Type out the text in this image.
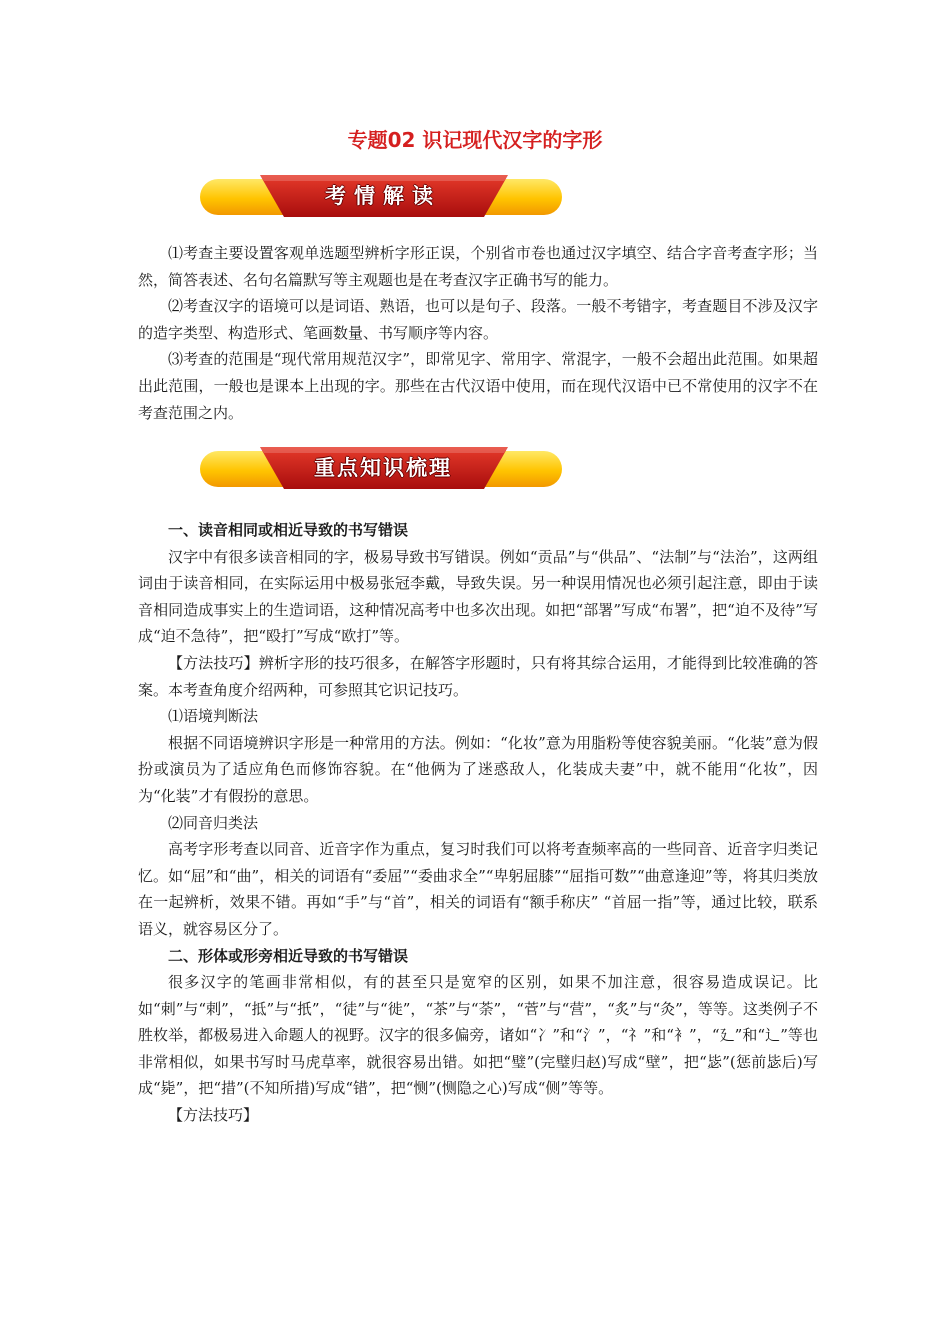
专题02 识记现代汉字的字形
考情解读

⑴考查主要设置客观单选题型辨析字形正误，个别省市卷也通过汉字填空、结合字音考查字形；当然，简答表述、名句名篇默写等主观题也是在考查汉字正确书写的能力。

⑵考查汉字的语境可以是词语、熟语，也可以是句子、段落。一般不考错字，考查题目不涉及汉字的造字类型、构造形式、笔画数量、书写顺序等内容。

⑶考查的范围是“现代常用规范汉字”，即常见字、常用字、常混字，一般不会超出此范围。如果超出此范围，一般也是课本上出现的字。那些在古代汉语中使用，而在现代汉语中已不常使用的汉字不在考查范围之内。

重点知识梳理

一、读音相同或相近导致的书写错误

汉字中有很多读音相同的字，极易导致书写错误。例如“贡品”与“供品”、“法制”与“法治”，这两组词由于读音相同，在实际运用中极易张冠李戴，导致失误。另一种误用情况也必须引起注意，即由于读音相同造成事实上的生造词语，这种情况高考中也多次出现。如把“部署”写成“布署”，把“迫不及待”写成“迫不急待”，把“殴打”写成“欧打”等。

【方法技巧】辨析字形的技巧很多，在解答字形题时，只有将其综合运用，才能得到比较准确的答案。本考查角度介绍两种，可参照其它识记技巧。

⑴语境判断法

根据不同语境辨识字形是一种常用的方法。例如：“化妆”意为用脂粉等使容貌美丽。“化装”意为假扮或演员为了适应角色而修饰容貌。在“他俩为了迷惑敌人，化装成夫妻”中，就不能用“化妆”，因为“化装”才有假扮的意思。

⑵同音归类法

高考字形考查以同音、近音字作为重点，复习时我们可以将考查频率高的一些同音、近音字归类记忆。如“屈”和“曲”，相关的词语有“委屈”“委曲求全”“卑躬屈膝”“屈指可数”“曲意逢迎”等，将其归类放在一起辨析，效果不错。再如“手”与“首”，相关的词语有“额手称庆” “首屈一指”等，通过比较，联系语义，就容易区分了。

二、形体或形旁相近导致的书写错误

很多汉字的笔画非常相似，有的甚至只是宽窄的区别，如果不加注意，很容易造成误记。比如“刺”与“剌”，“抵”与“扺”，“徒”与“徙”，“茶”与“荼”，“菅”与“营”，“炙”与“灸”，等等。这类例子不胜枚举，都极易进入命题人的视野。汉字的很多偏旁，诸如“冫”和“氵”，“礻”和“衤”，“廴”和“辶”等也非常相似，如果书写时马虎草率，就很容易出错。如把“璧”(完璧归赵)写成“壁”，把“毖”(惩前毖后)写成“毙”，把“措”(不知所措)写成“错”，把“恻”(恻隐之心)写成“侧”等等。

【方法技巧】
